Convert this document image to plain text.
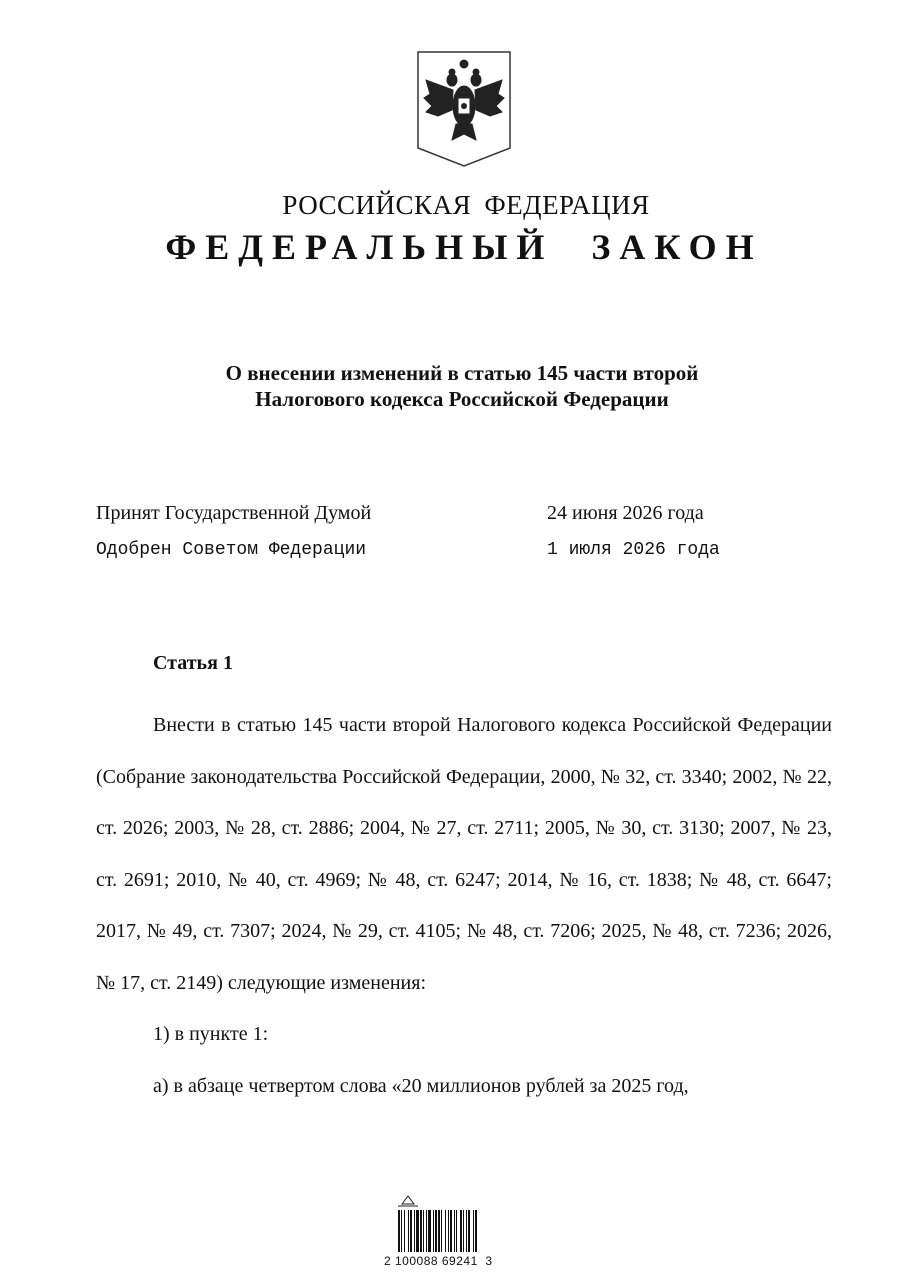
РОССИЙСКАЯ ФЕДЕРАЦИЯ
ФЕДЕРАЛЬНЫЙ ЗАКОН
О внесении изменений в статью 145 части второй
Налогового кодекса Российской Федерации
Принят Государственной Думой	24 июня 2026 года
Одобрен Советом Федерации	1 июля 2026 года
Статья 1

Внести в статью 145 части второй Налогового кодекса Российской Федерации (Собрание законодательства Российской Федерации, 2000, № 32, ст. 3340; 2002, № 22, ст. 2026; 2003, № 28, ст. 2886; 2004, № 27, ст. 2711; 2005, № 30, ст. 3130; 2007, № 23, ст. 2691; 2010, № 40, ст. 4969; № 48, ст. 6247; 2014, № 16, ст. 1838; № 48, ст. 6647; 2017, № 49, ст. 7307; 2024, № 29, ст. 4105; № 48, ст. 7206; 2025, № 48, ст. 7236; 2026, № 17, ст. 2149) следующие изменения:

1) в пункте 1:

а) в абзаце четвертом слова «20 миллионов рублей за 2025 год,

2 100088 69241  3
